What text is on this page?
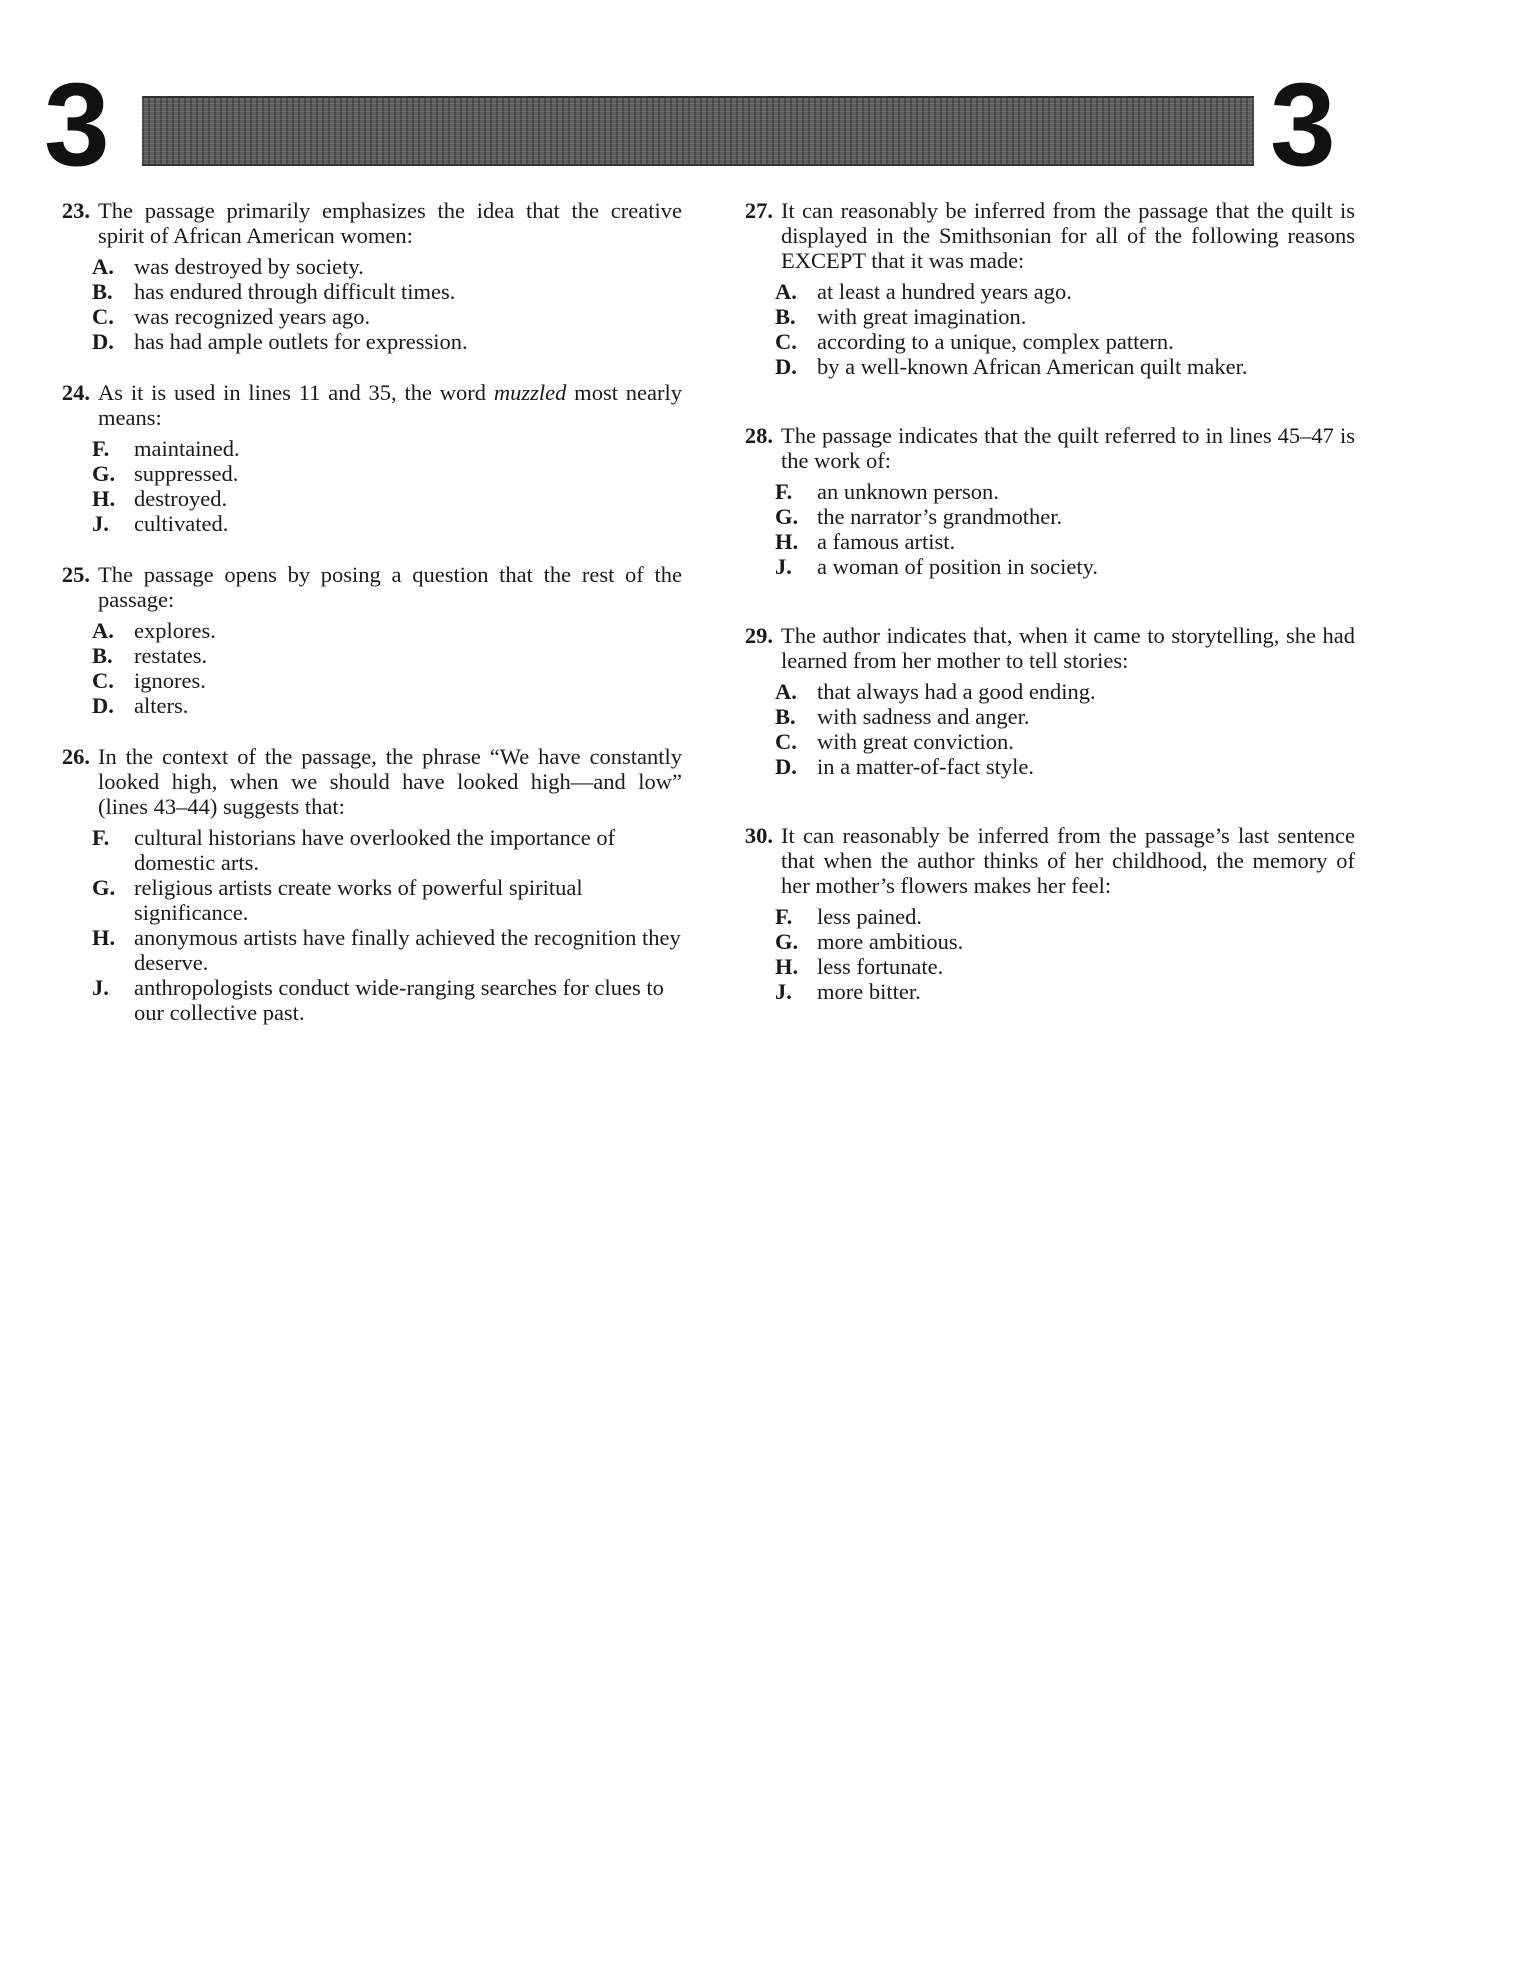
3	3
23. The passage primarily emphasizes the idea that the creative spirit of African American women:
A. was destroyed by society.
B. has endured through difficult times.
C. was recognized years ago.
D. has had ample outlets for expression.
24. As it is used in lines 11 and 35, the word muzzled most nearly means:
F.	maintained.
G. suppressed.
H. destroyed.
J.	cultivated.
25. The passage opens by posing a question that the rest of the passage:
A. explores.
B. restates.
C. ignores.
D. alters.
26. In the context of the passage, the phrase “We have constantly looked high, when we should have looked high—and low” (lines 43–44) suggests that:
F.	cultural historians have overlooked the importance of domestic arts.
G. religious artists create works of powerful spiritual significance.
H. anonymous artists have finally achieved the recognition they deserve.
J.	anthropologists conduct wide-ranging searches for clues to our collective past.
27. It can reasonably be inferred from the passage that the quilt is displayed in the Smithsonian for all of the following reasons EXCEPT that it was made:
A. at least a hundred years ago.
B. with great imagination.
C. according to a unique, complex pattern.
D. by a well-known African American quilt maker.
28. The passage indicates that the quilt referred to in lines 45–47 is the work of:
F.	an unknown person.
G. the narrator’s grandmother.
H. a famous artist.
J.	a woman of position in society.
29. The author indicates that, when it came to storytelling, she had learned from her mother to tell stories:
A. that always had a good ending.
B. with sadness and anger.
C. with great conviction.
D. in a matter-of-fact style.
30. It can reasonably be inferred from the passage’s last sentence that when the author thinks of her childhood, the memory of her mother’s flowers makes her feel:
F.	less pained.
G. more ambitious.
H. less fortunate.
J.	more bitter.
